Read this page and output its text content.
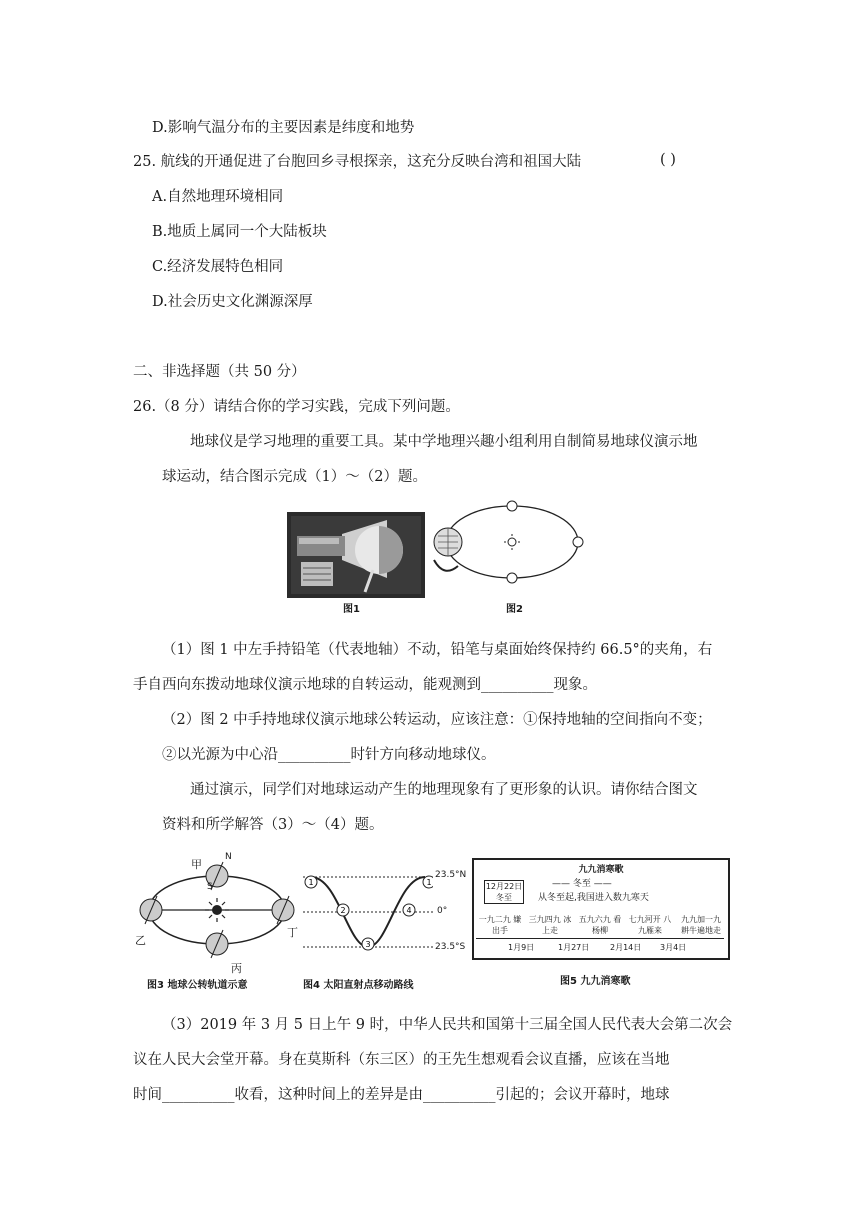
D.影响气温分布的主要因素是纬度和地势
25. 航线的开通促进了台胞回乡寻根探亲，这充分反映台湾和祖国大陆	( )
A.自然地理环境相同
B.地质上属同一个大陆板块
C.经济发展特色相同
D.社会历史文化渊源深厚
二、非选择题（共 50 分）
26.（8 分）请结合你的学习实践，完成下列问题。
地球仪是学习地理的重要工具。某中学地理兴趣小组利用自制简易地球仪演示地
球运动，结合图示完成（1）～（2）题。
图1	图2
（1）图 1 中左手持铅笔（代表地轴）不动，铅笔与桌面始终保持约 66.5°的夹角，右
手自西向东拨动地球仪演示地球的自转运动，能观测到__________现象。
（2）图 2 中手持地球仪演示地球公转运动，应该注意：①保持地轴的空间指向不变；
②以光源为中心沿__________时针方向移动地球仪。
通过演示，同学们对地球运动产生的地理现象有了更形象的认识。请你结合图文
资料和所学解答（3）～（4）题。
甲
乙
丙
丁
N
S
图3 地球公转轨道示意
1
2
3
4
1
23.5°N
0°
23.5°S
图4 太阳直射点移动路线
九九消寒歌
12月22日 冬至
—— 冬至 ——
从冬至起,我国进入数九寒天
一九二九 嫌出手
三九四九 冰上走
五九六九 看杨柳
七九河开 八九雁来
九九加一九 耕牛遍地走
1月9日	1月27日	2月14日 3月4日
图5 九九消寒歌
（3）2019 年 3 月 5 日上午 9 时，中华人民共和国第十三届全国人民代表大会第二次会
议在人民大会堂开幕。身在莫斯科（东三区）的王先生想观看会议直播，应该在当地
时间__________收看，这种时间上的差异是由__________引起的；会议开幕时，地球
